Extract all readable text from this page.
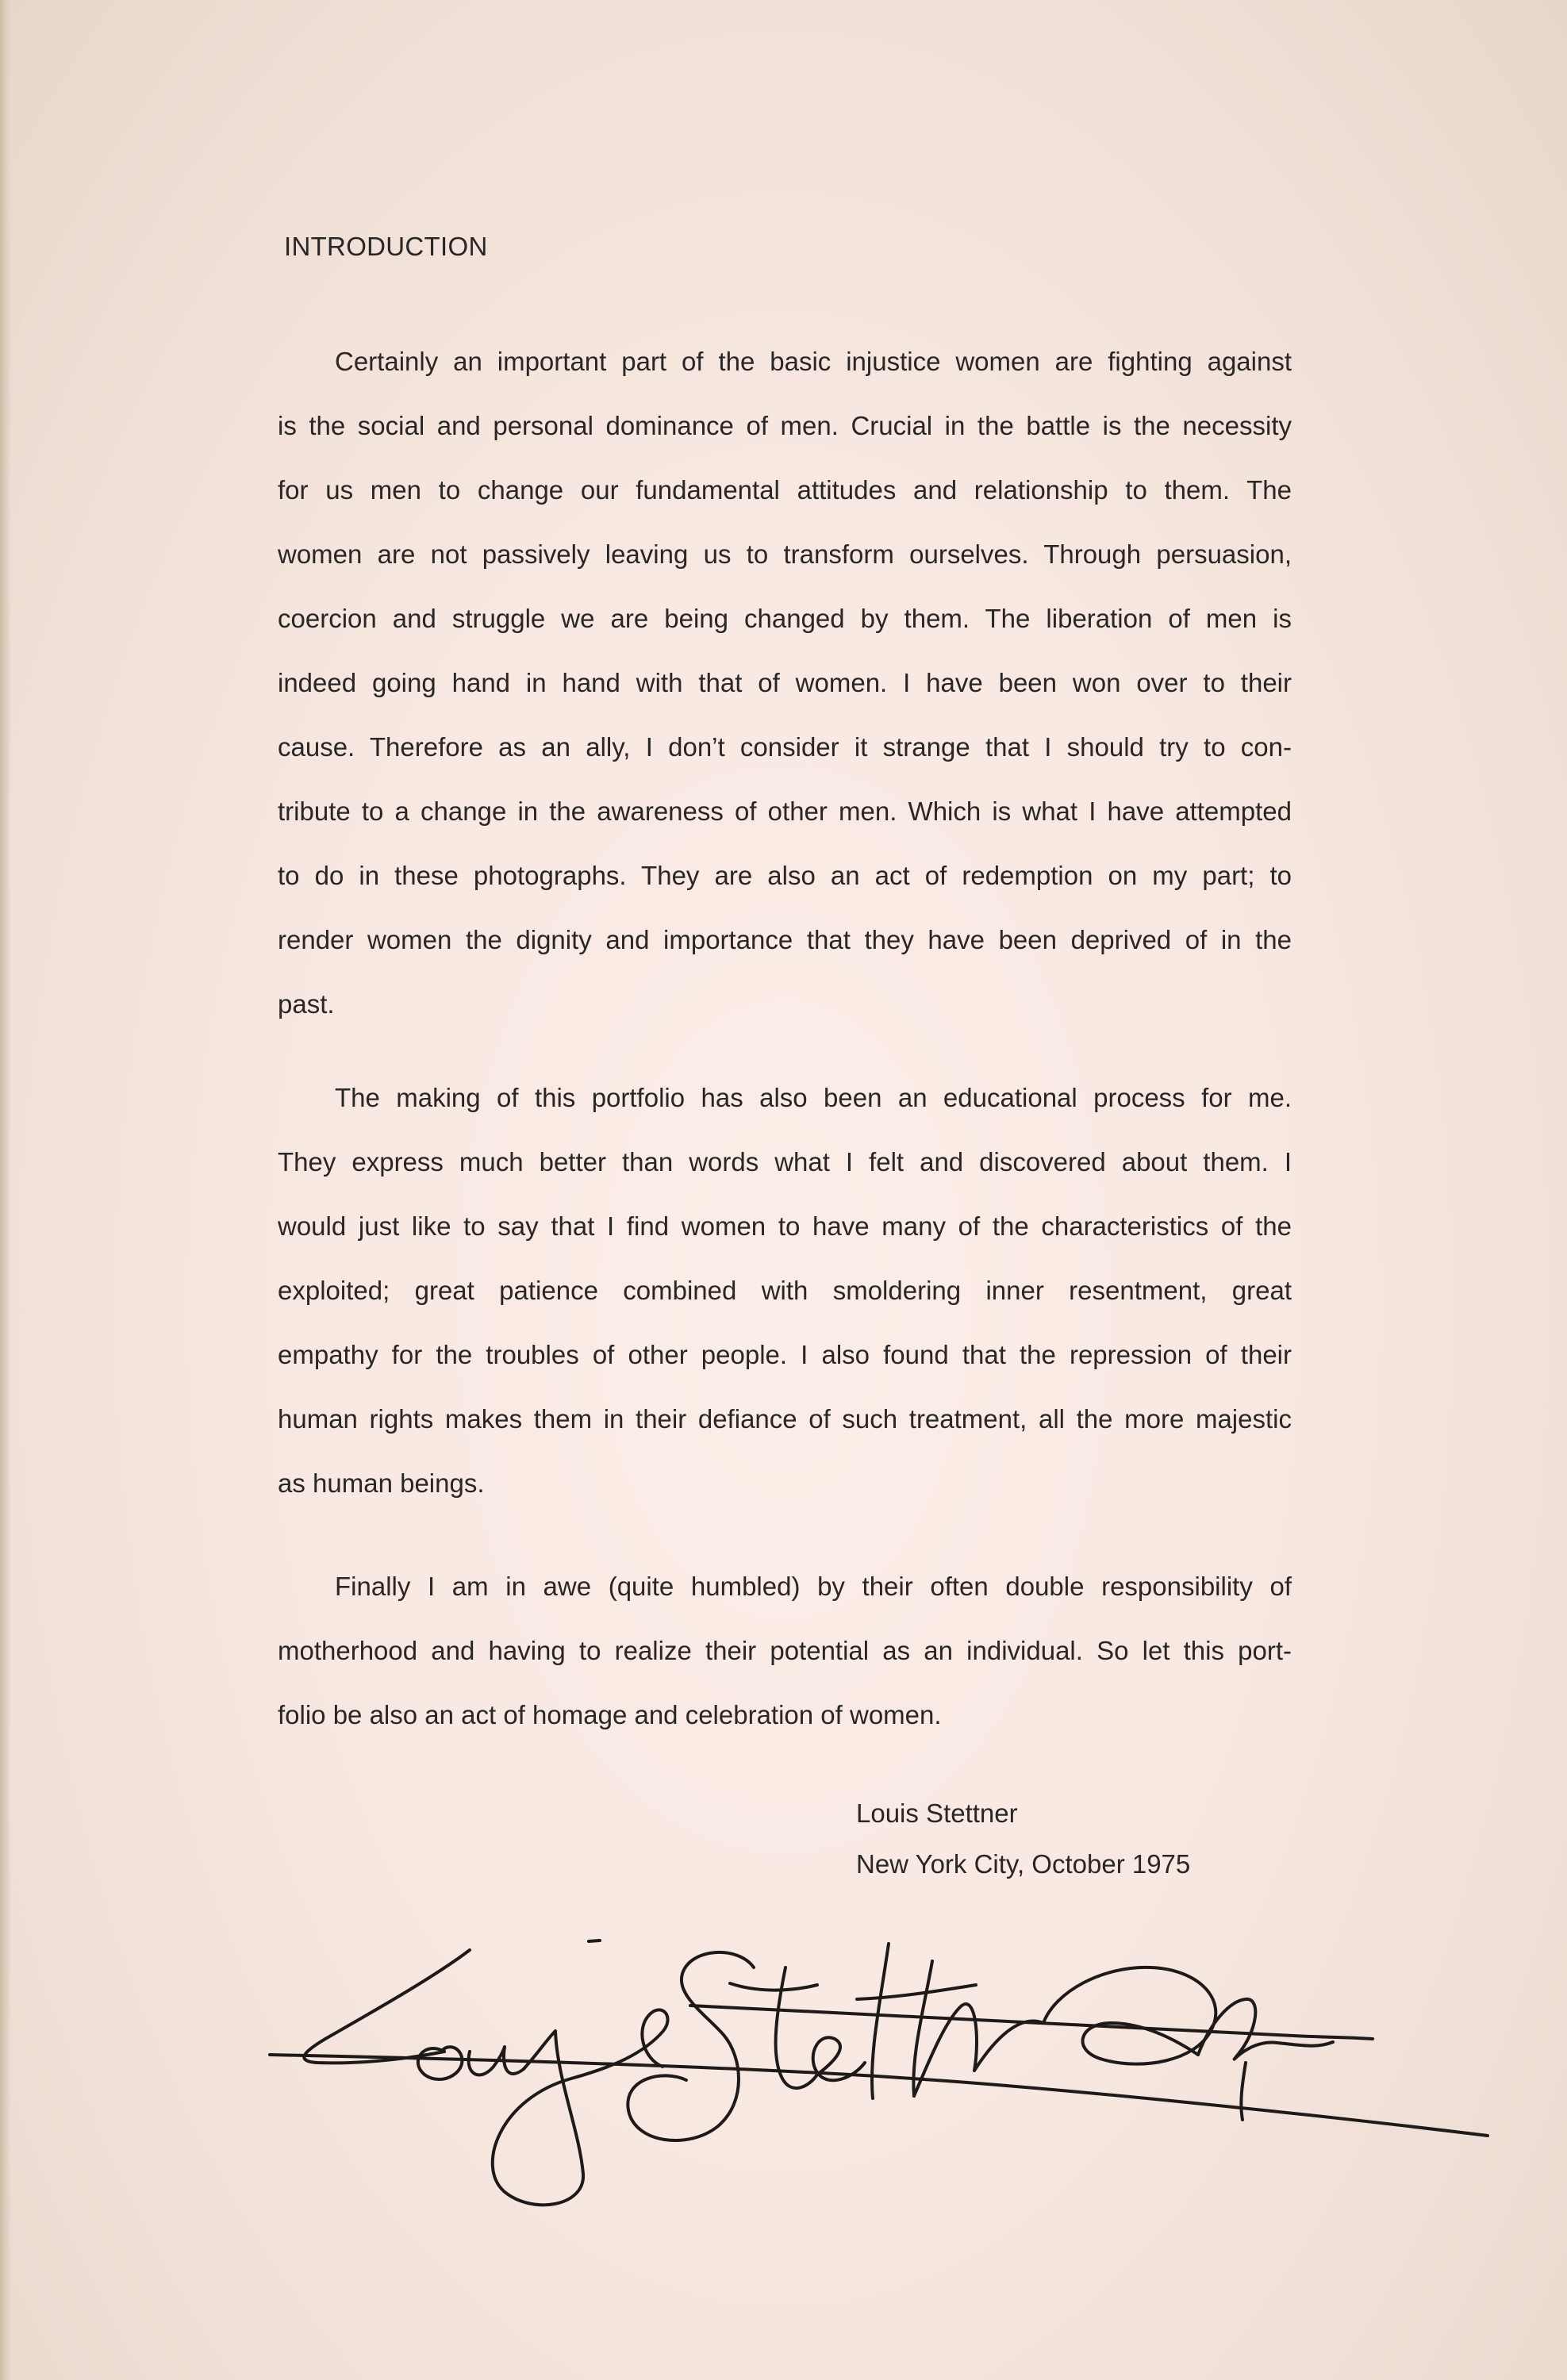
INTRODUCTION
Certainly an important part of the basic injustice women are fighting against
is the social and personal dominance of men. Crucial in the battle is the necessity
for us men to change our fundamental attitudes and relationship to them. The
women are not passively leaving us to transform ourselves. Through persuasion,
coercion and struggle we are being changed by them. The liberation of men is
indeed going hand in hand with that of women. I have been won over to their
cause. Therefore as an ally, I don’t consider it strange that I should try to con-
tribute to a change in the awareness of other men. Which is what I have attempted
to do in these photographs. They are also an act of redemption on my part; to
render women the dignity and importance that they have been deprived of in the
past.
The making of this portfolio has also been an educational process for me.
They express much better than words what I felt and discovered about them. I
would just like to say that I find women to have many of the characteristics of the
exploited; great patience combined with smoldering inner resentment, great
empathy for the troubles of other people. I also found that the repression of their
human rights makes them in their defiance of such treatment, all the more majestic
as human beings.
Finally I am in awe (quite humbled) by their often double responsibility of
motherhood and having to realize their potential as an individual. So let this port-
folio be also an act of homage and celebration of women.
Louis Stettner
New York City, October 1975
